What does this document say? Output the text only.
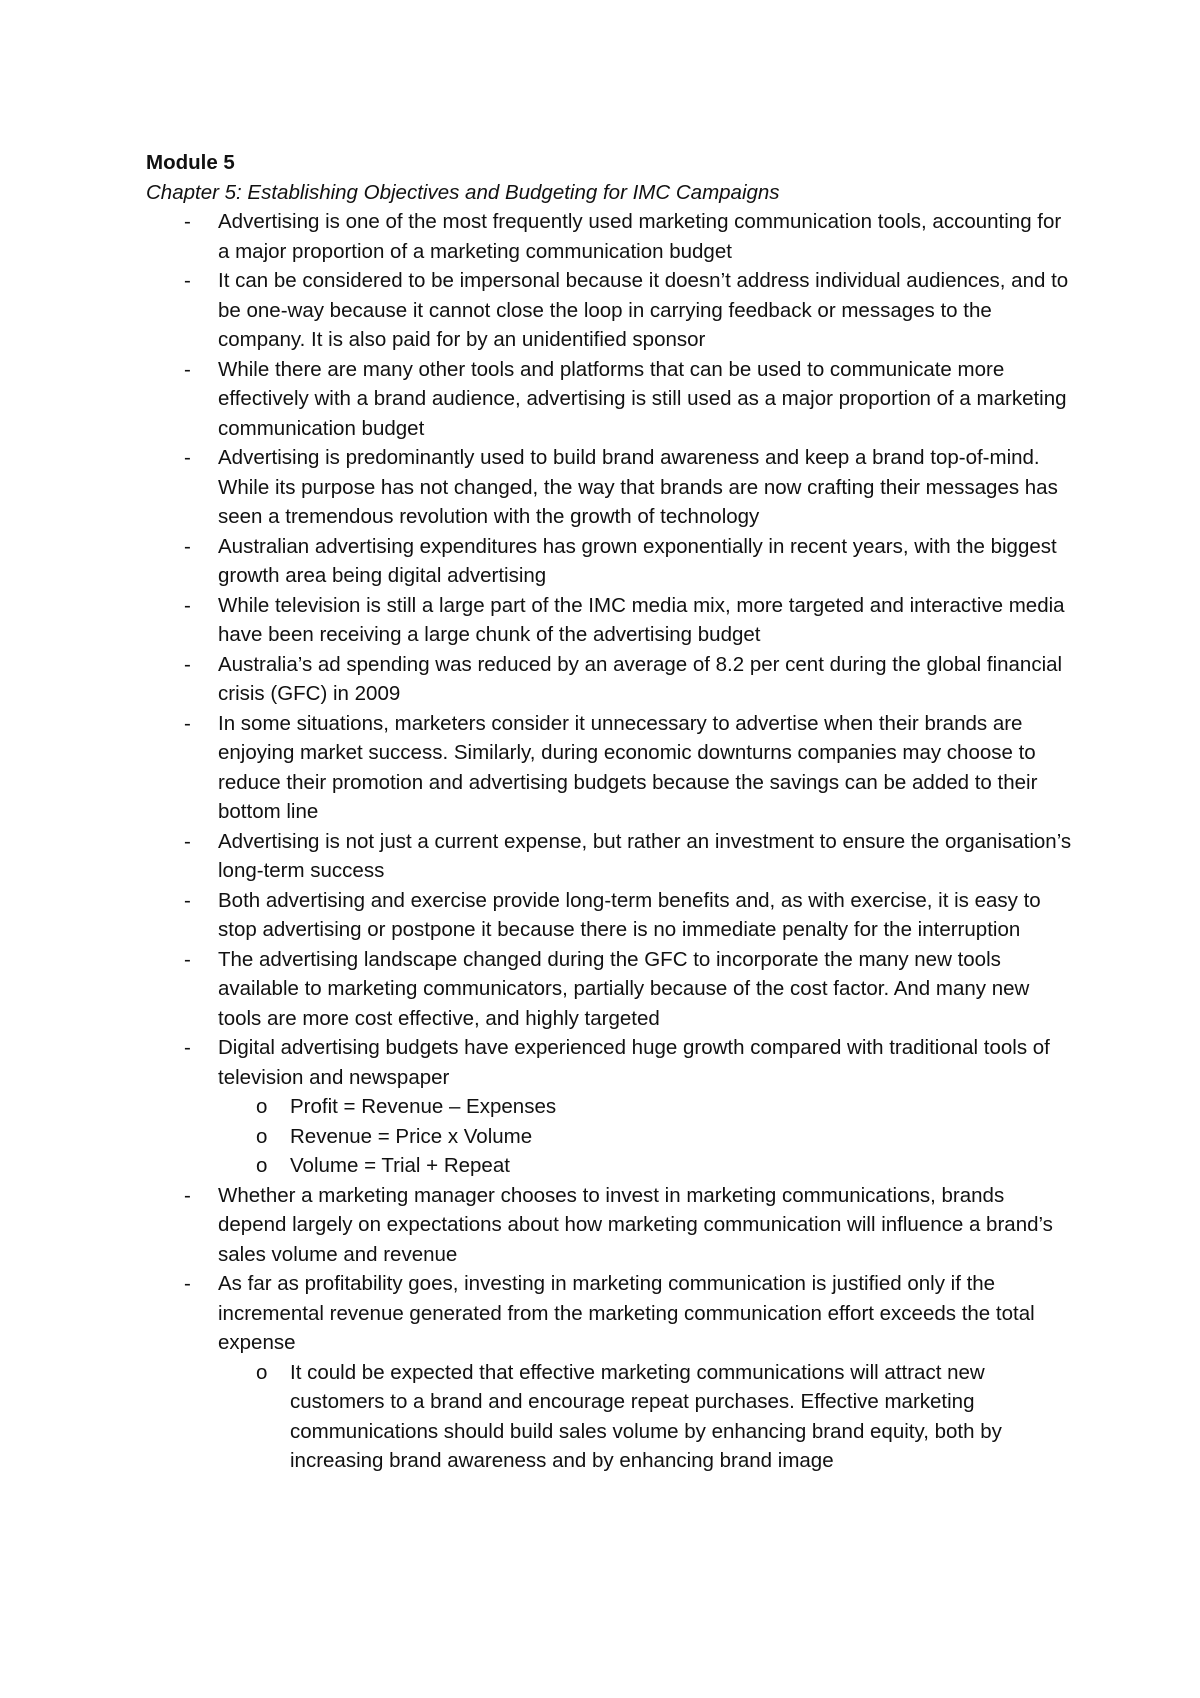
Module 5

Chapter 5: Establishing Objectives and Budgeting for IMC Campaigns

- Advertising is one of the most frequently used marketing communication tools, accounting for a major proportion of a marketing communication budget
- It can be considered to be impersonal because it doesn’t address individual audiences, and to be one-way because it cannot close the loop in carrying feedback or messages to the company. It is also paid for by an unidentified sponsor
- While there are many other tools and platforms that can be used to communicate more effectively with a brand audience, advertising is still used as a major proportion of a marketing communication budget
- Advertising is predominantly used to build brand awareness and keep a brand top-of-mind. While its purpose has not changed, the way that brands are now crafting their messages has seen a tremendous revolution with the growth of technology
- Australian advertising expenditures has grown exponentially in recent years, with the biggest growth area being digital advertising
- While television is still a large part of the IMC media mix, more targeted and interactive media have been receiving a large chunk of the advertising budget
- Australia’s ad spending was reduced by an average of 8.2 per cent during the global financial crisis (GFC) in 2009
- In some situations, marketers consider it unnecessary to advertise when their brands are enjoying market success. Similarly, during economic downturns companies may choose to reduce their promotion and advertising budgets because the savings can be added to their bottom line
- Advertising is not just a current expense, but rather an investment to ensure the organisation’s long-term success
- Both advertising and exercise provide long-term benefits and, as with exercise, it is easy to stop advertising or postpone it because there is no immediate penalty for the interruption
- The advertising landscape changed during the GFC to incorporate the many new tools available to marketing communicators, partially because of the cost factor. And many new tools are more cost effective, and highly targeted
- Digital advertising budgets have experienced huge growth compared with traditional tools of television and newspaper
o Profit = Revenue – Expenses
o Revenue = Price x Volume
o Volume = Trial + Repeat
- Whether a marketing manager chooses to invest in marketing communications, brands depend largely on expectations about how marketing communication will influence a brand’s sales volume and revenue
- As far as profitability goes, investing in marketing communication is justified only if the incremental revenue generated from the marketing communication effort exceeds the total expense
o It could be expected that effective marketing communications will attract new customers to a brand and encourage repeat purchases. Effective marketing communications should build sales volume by enhancing brand equity, both by increasing brand awareness and by enhancing brand image
